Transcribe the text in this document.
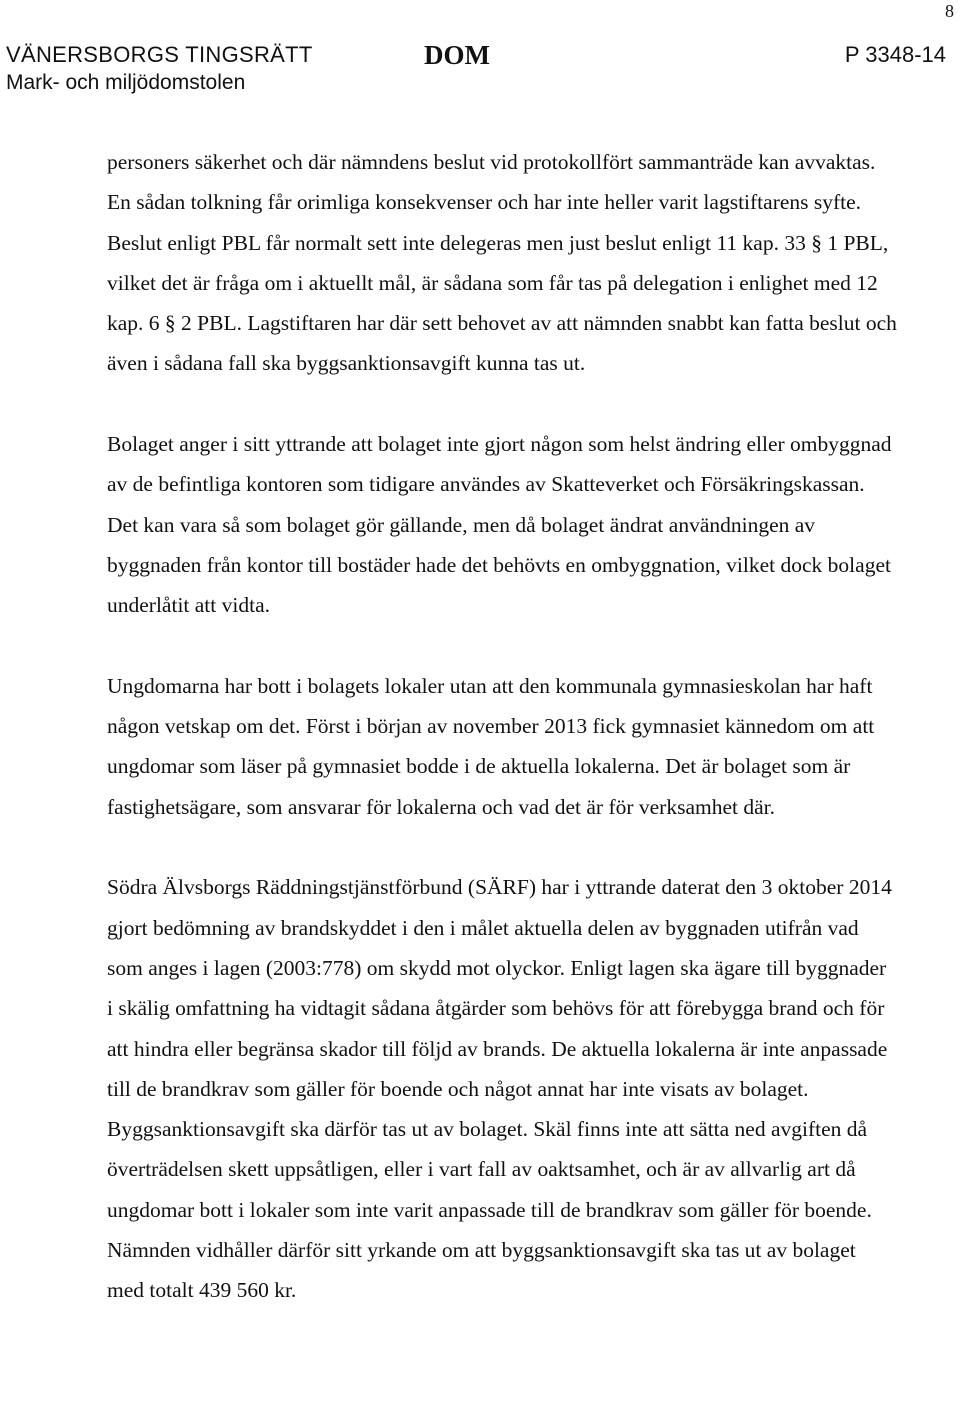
8
VÄNERSBORGS TINGSRÄTT
Mark- och miljödomstolen
DOM	P 3348-14

personers säkerhet och där nämndens beslut vid protokollfört sammanträde kan avvaktas. En sådan tolkning får orimliga konsekvenser och har inte heller varit lagstiftarens syfte. Beslut enligt PBL får normalt sett inte delegeras men just beslut enligt 11 kap. 33 § 1 PBL, vilket det är fråga om i aktuellt mål, är sådana som får tas på delegation i enlighet med 12 kap. 6 § 2 PBL. Lagstiftaren har där sett behovet av att nämnden snabbt kan fatta beslut och även i sådana fall ska byggsanktionsavgift kunna tas ut.

Bolaget anger i sitt yttrande att bolaget inte gjort någon som helst ändring eller ombyggnad av de befintliga kontoren som tidigare användes av Skatteverket och Försäkringskassan. Det kan vara så som bolaget gör gällande, men då bolaget ändrat användningen av byggnaden från kontor till bostäder hade det behövts en ombyggnation, vilket dock bolaget underlåtit att vidta.

Ungdomarna har bott i bolagets lokaler utan att den kommunala gymnasieskolan har haft någon vetskap om det. Först i början av november 2013 fick gymnasiet kännedom om att ungdomar som läser på gymnasiet bodde i de aktuella lokalerna. Det är bolaget som är fastighetsägare, som ansvarar för lokalerna och vad det är för verksamhet där.

Södra Älvsborgs Räddningstjänstförbund (SÄRF) har i yttrande daterat den 3 oktober 2014 gjort bedömning av brandskyddet i den i målet aktuella delen av byggnaden utifrån vad som anges i lagen (2003:778) om skydd mot olyckor. Enligt lagen ska ägare till byggnader i skälig omfattning ha vidtagit sådana åtgärder som behövs för att förebygga brand och för att hindra eller begränsa skador till följd av brands. De aktuella lokalerna är inte anpassade till de brandkrav som gäller för boende och något annat har inte visats av bolaget. Byggsanktionsavgift ska därför tas ut av bolaget. Skäl finns inte att sätta ned avgiften då överträdelsen skett uppsåtligen, eller i vart fall av oaktsamhet, och är av allvarlig art då ungdomar bott i lokaler som inte varit anpassade till de brandkrav som gäller för boende. Nämnden vidhåller därför sitt yrkande om att byggsanktionsavgift ska tas ut av bolaget med totalt 439 560 kr.
